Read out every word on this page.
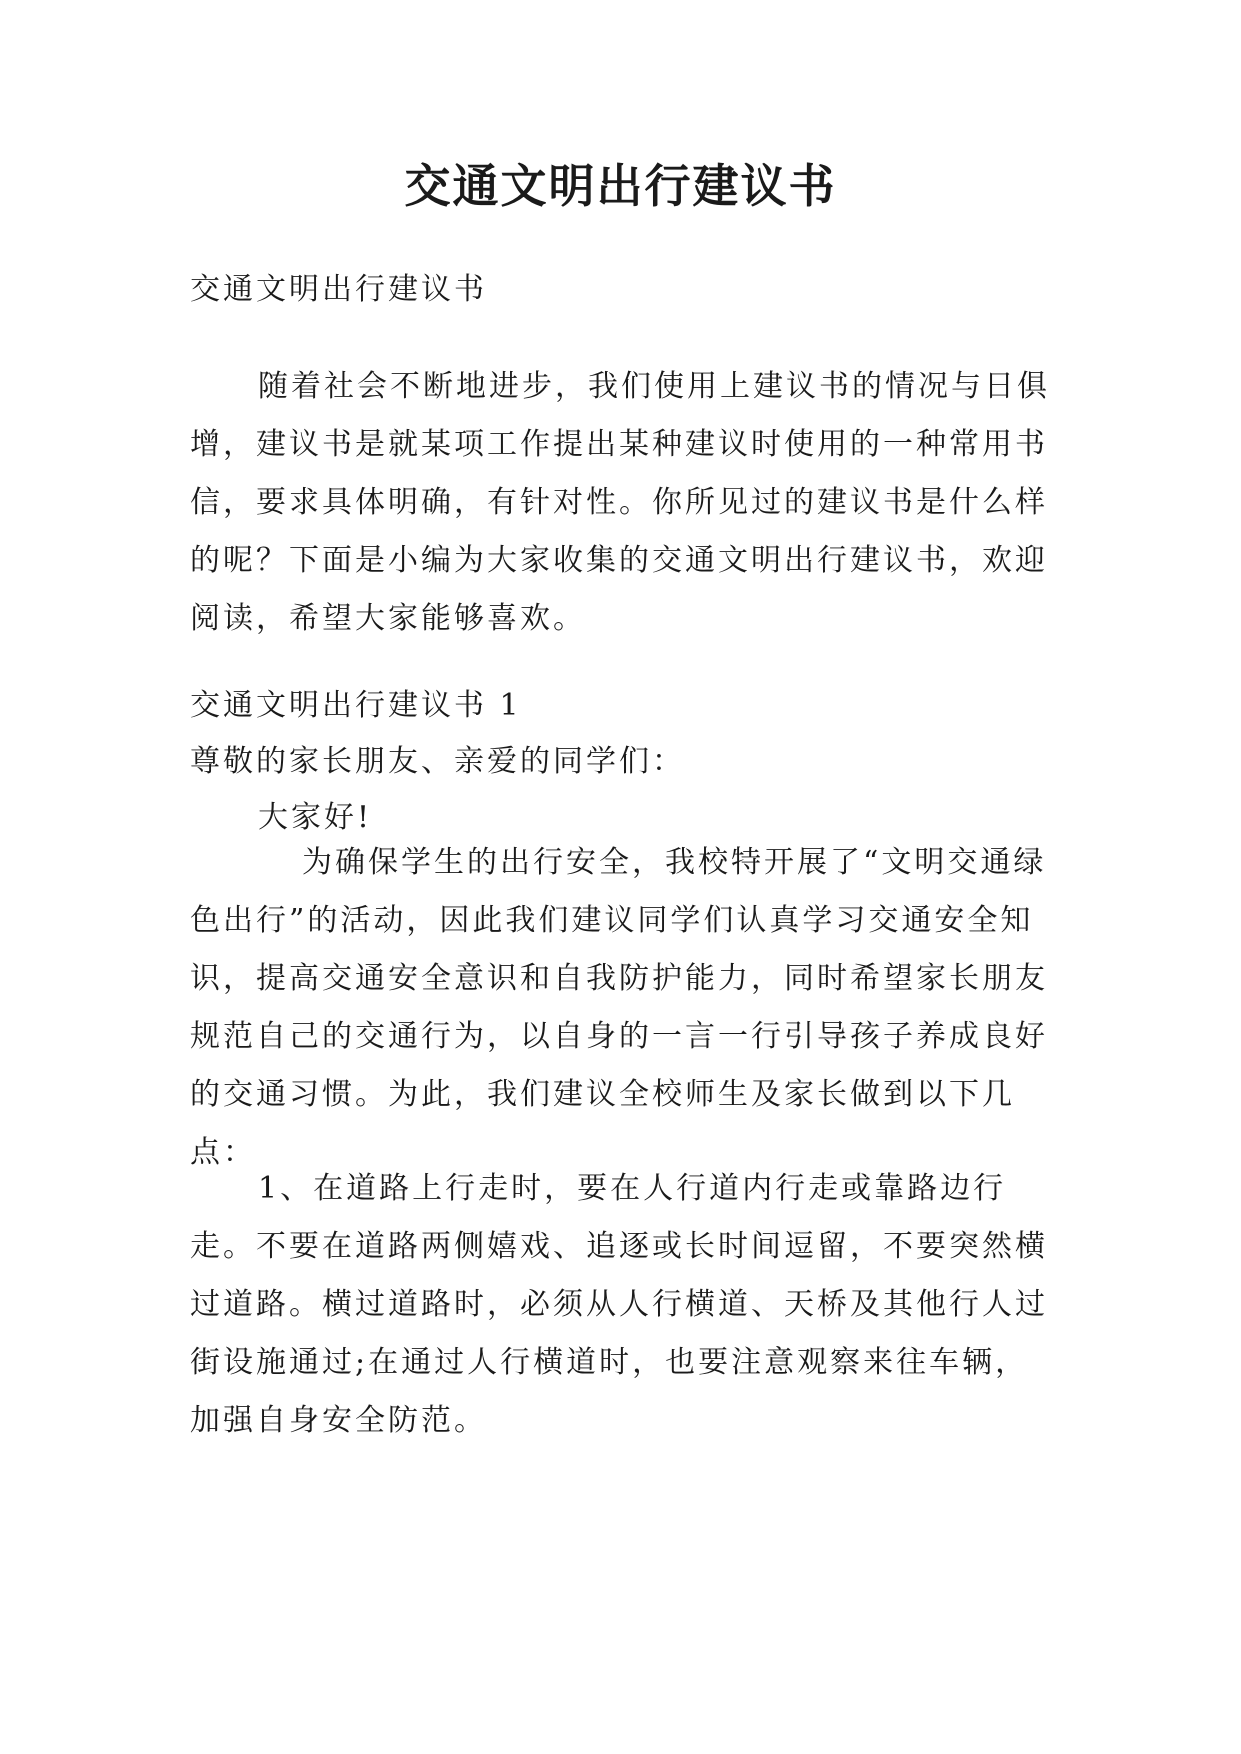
交通文明出行建议书
交通文明出行建议书
随着社会不断地进步，我们使用上建议书的情况与日俱增，建议书是就某项工作提出某种建议时使用的一种常用书信，要求具体明确，有针对性。你所见过的建议书是什么样的呢？下面是小编为大家收集的交通文明出行建议书，欢迎阅读，希望大家能够喜欢。
交通文明出行建议书 1
尊敬的家长朋友、亲爱的同学们：
大家好!
为确保学生的出行安全，我校特开展了“文明交通绿色出行”的活动，因此我们建议同学们认真学习交通安全知识，提高交通安全意识和自我防护能力，同时希望家长朋友规范自己的交通行为，以自身的一言一行引导孩子养成良好的交通习惯。为此，我们建议全校师生及家长做到以下几点：
1、在道路上行走时，要在人行道内行走或靠路边行走。不要在道路两侧嬉戏、追逐或长时间逗留，不要突然横过道路。横过道路时，必须从人行横道、天桥及其他行人过街设施通过;在通过人行横道时，也要注意观察来往车辆，加强自身安全防范。
